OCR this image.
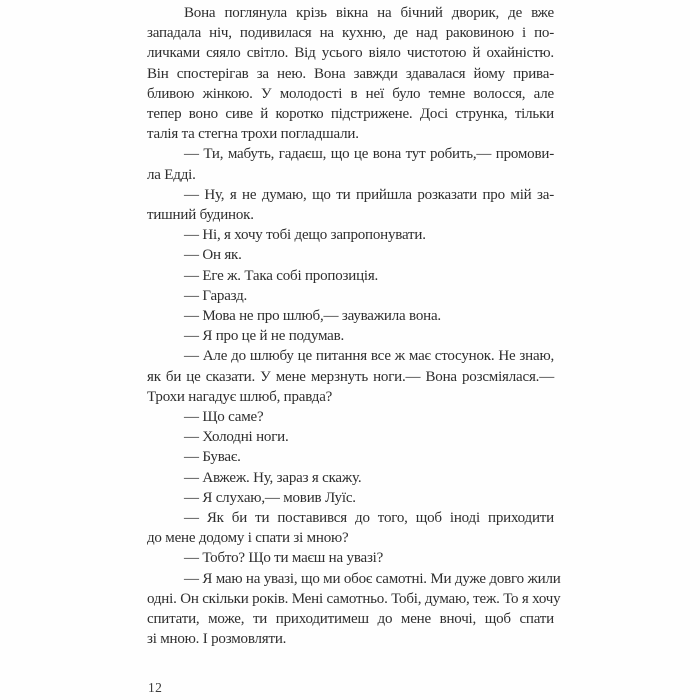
Вона поглянула крізь вікна на бічний дворик, де вже
западала ніч, подивилася на кухню, де над раковиною і по-
личками сяяло світло. Від усього віяло чистотою й охайністю.
Він спостерігав за нею. Вона завжди здавалася йому прива-
бливою жінкою. У молодості в неї було темне волосся, але
тепер воно сиве й коротко підстрижене. Досі струнка, тільки
талія та стегна трохи погладшали.
— Ти, мабуть, гадаєш, що це вона тут робить,— промови-
ла Едді.
— Ну, я не думаю, що ти прийшла розказати про мій за-
тишний будинок.
— Ні, я хочу тобі дещо запропонувати.
— Он як.
— Еге ж. Така собі пропозиція.
— Гаразд.
— Мова не про шлюб,— зауважила вона.
— Я про це й не подумав.
— Але до шлюбу це питання все ж має стосунок. Не знаю,
як би це сказати. У мене мерзнуть ноги.— Вона розсміялася.—
Трохи нагадує шлюб, правда?
— Що саме?
— Холодні ноги.
— Буває.
— Авжеж. Ну, зараз я скажу.
— Я слухаю,— мовив Луїс.
— Як би ти поставився до того, щоб іноді приходити
до мене додому і спати зі мною?
— Тобто? Що ти маєш на увазі?
— Я маю на увазі, що ми обоє самотні. Ми дуже довго жили
одні. Он скільки років. Мені самотньо. Тобі, думаю, теж. То я хочу
спитати, може, ти приходитимеш до мене вночі, щоб спати
зі мною. І розмовляти.
12
